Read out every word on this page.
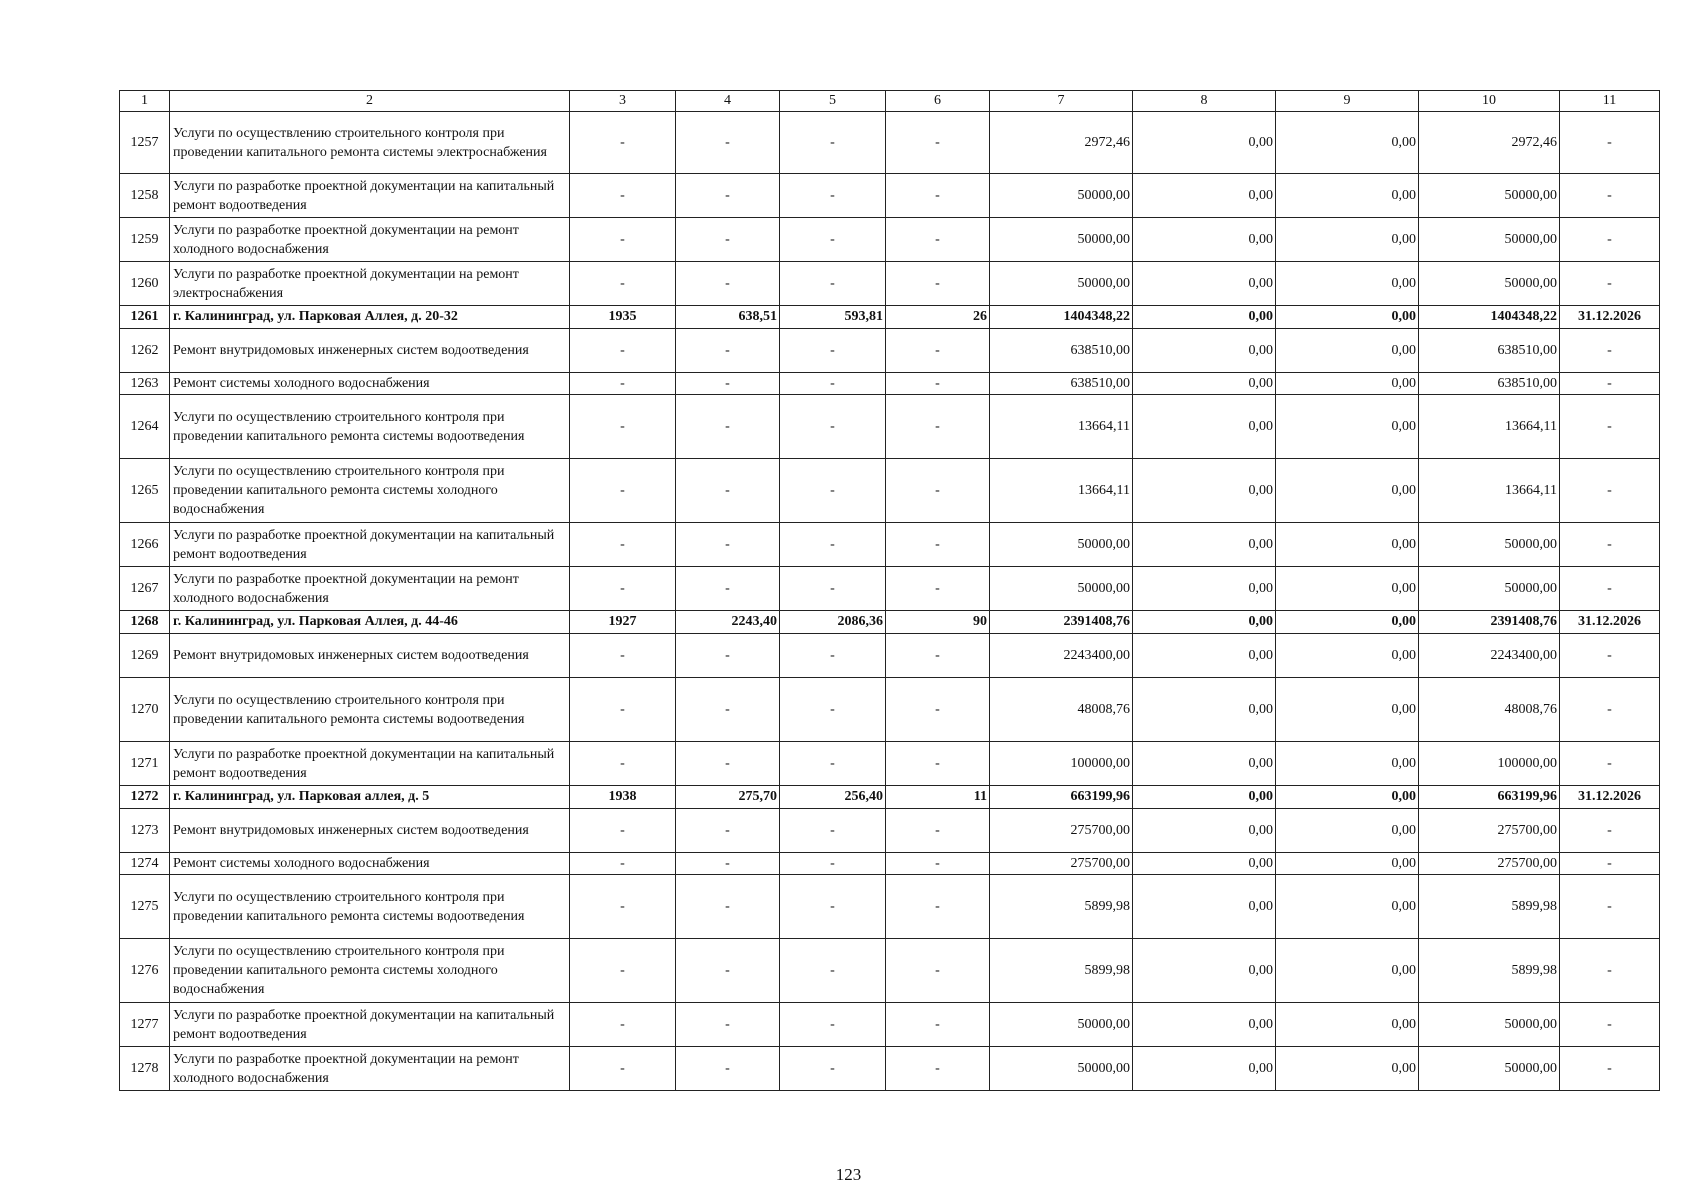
1	2	3	4	5	6	7	8	9	10	11
1257	Услуги по осуществлению строительного контроля при проведении капитального ремонта системы электроснабжения	-	-	-	-	2972,46	0,00	0,00	2972,46	-
1258	Услуги по разработке проектной документации на капитальный ремонт водоотведения	-	-	-	-	50000,00	0,00	0,00	50000,00	-
1259	Услуги по разработке проектной документации на ремонт холодного водоснабжения	-	-	-	-	50000,00	0,00	0,00	50000,00	-
1260	Услуги по разработке проектной документации на ремонт электроснабжения	-	-	-	-	50000,00	0,00	0,00	50000,00	-
1261	г. Калининград, ул. Парковая Аллея, д. 20-32	1935	638,51	593,81	26	1404348,22	0,00	0,00	1404348,22	31.12.2026
1262	Ремонт внутридомовых инженерных систем водоотведения	-	-	-	-	638510,00	0,00	0,00	638510,00	-
1263	Ремонт системы холодного водоснабжения	-	-	-	-	638510,00	0,00	0,00	638510,00	-
1264	Услуги по осуществлению строительного контроля при проведении капитального ремонта системы водоотведения	-	-	-	-	13664,11	0,00	0,00	13664,11	-
1265	Услуги по осуществлению строительного контроля при проведении капитального ремонта системы холодного водоснабжения	-	-	-	-	13664,11	0,00	0,00	13664,11	-
1266	Услуги по разработке проектной документации на капитальный ремонт водоотведения	-	-	-	-	50000,00	0,00	0,00	50000,00	-
1267	Услуги по разработке проектной документации на ремонт холодного водоснабжения	-	-	-	-	50000,00	0,00	0,00	50000,00	-
1268	г. Калининград, ул. Парковая Аллея, д. 44-46	1927	2243,40	2086,36	90	2391408,76	0,00	0,00	2391408,76	31.12.2026
1269	Ремонт внутридомовых инженерных систем водоотведения	-	-	-	-	2243400,00	0,00	0,00	2243400,00	-
1270	Услуги по осуществлению строительного контроля при проведении капитального ремонта системы водоотведения	-	-	-	-	48008,76	0,00	0,00	48008,76	-
1271	Услуги по разработке проектной документации на капитальный ремонт водоотведения	-	-	-	-	100000,00	0,00	0,00	100000,00	-
1272	г. Калининград, ул. Парковая аллея, д. 5	1938	275,70	256,40	11	663199,96	0,00	0,00	663199,96	31.12.2026
1273	Ремонт внутридомовых инженерных систем водоотведения	-	-	-	-	275700,00	0,00	0,00	275700,00	-
1274	Ремонт системы холодного водоснабжения	-	-	-	-	275700,00	0,00	0,00	275700,00	-
1275	Услуги по осуществлению строительного контроля при проведении капитального ремонта системы водоотведения	-	-	-	-	5899,98	0,00	0,00	5899,98	-
1276	Услуги по осуществлению строительного контроля при проведении капитального ремонта системы холодного водоснабжения	-	-	-	-	5899,98	0,00	0,00	5899,98	-
1277	Услуги по разработке проектной документации на капитальный ремонт водоотведения	-	-	-	-	50000,00	0,00	0,00	50000,00	-
1278	Услуги по разработке проектной документации на ремонт холодного водоснабжения	-	-	-	-	50000,00	0,00	0,00	50000,00	-
123
